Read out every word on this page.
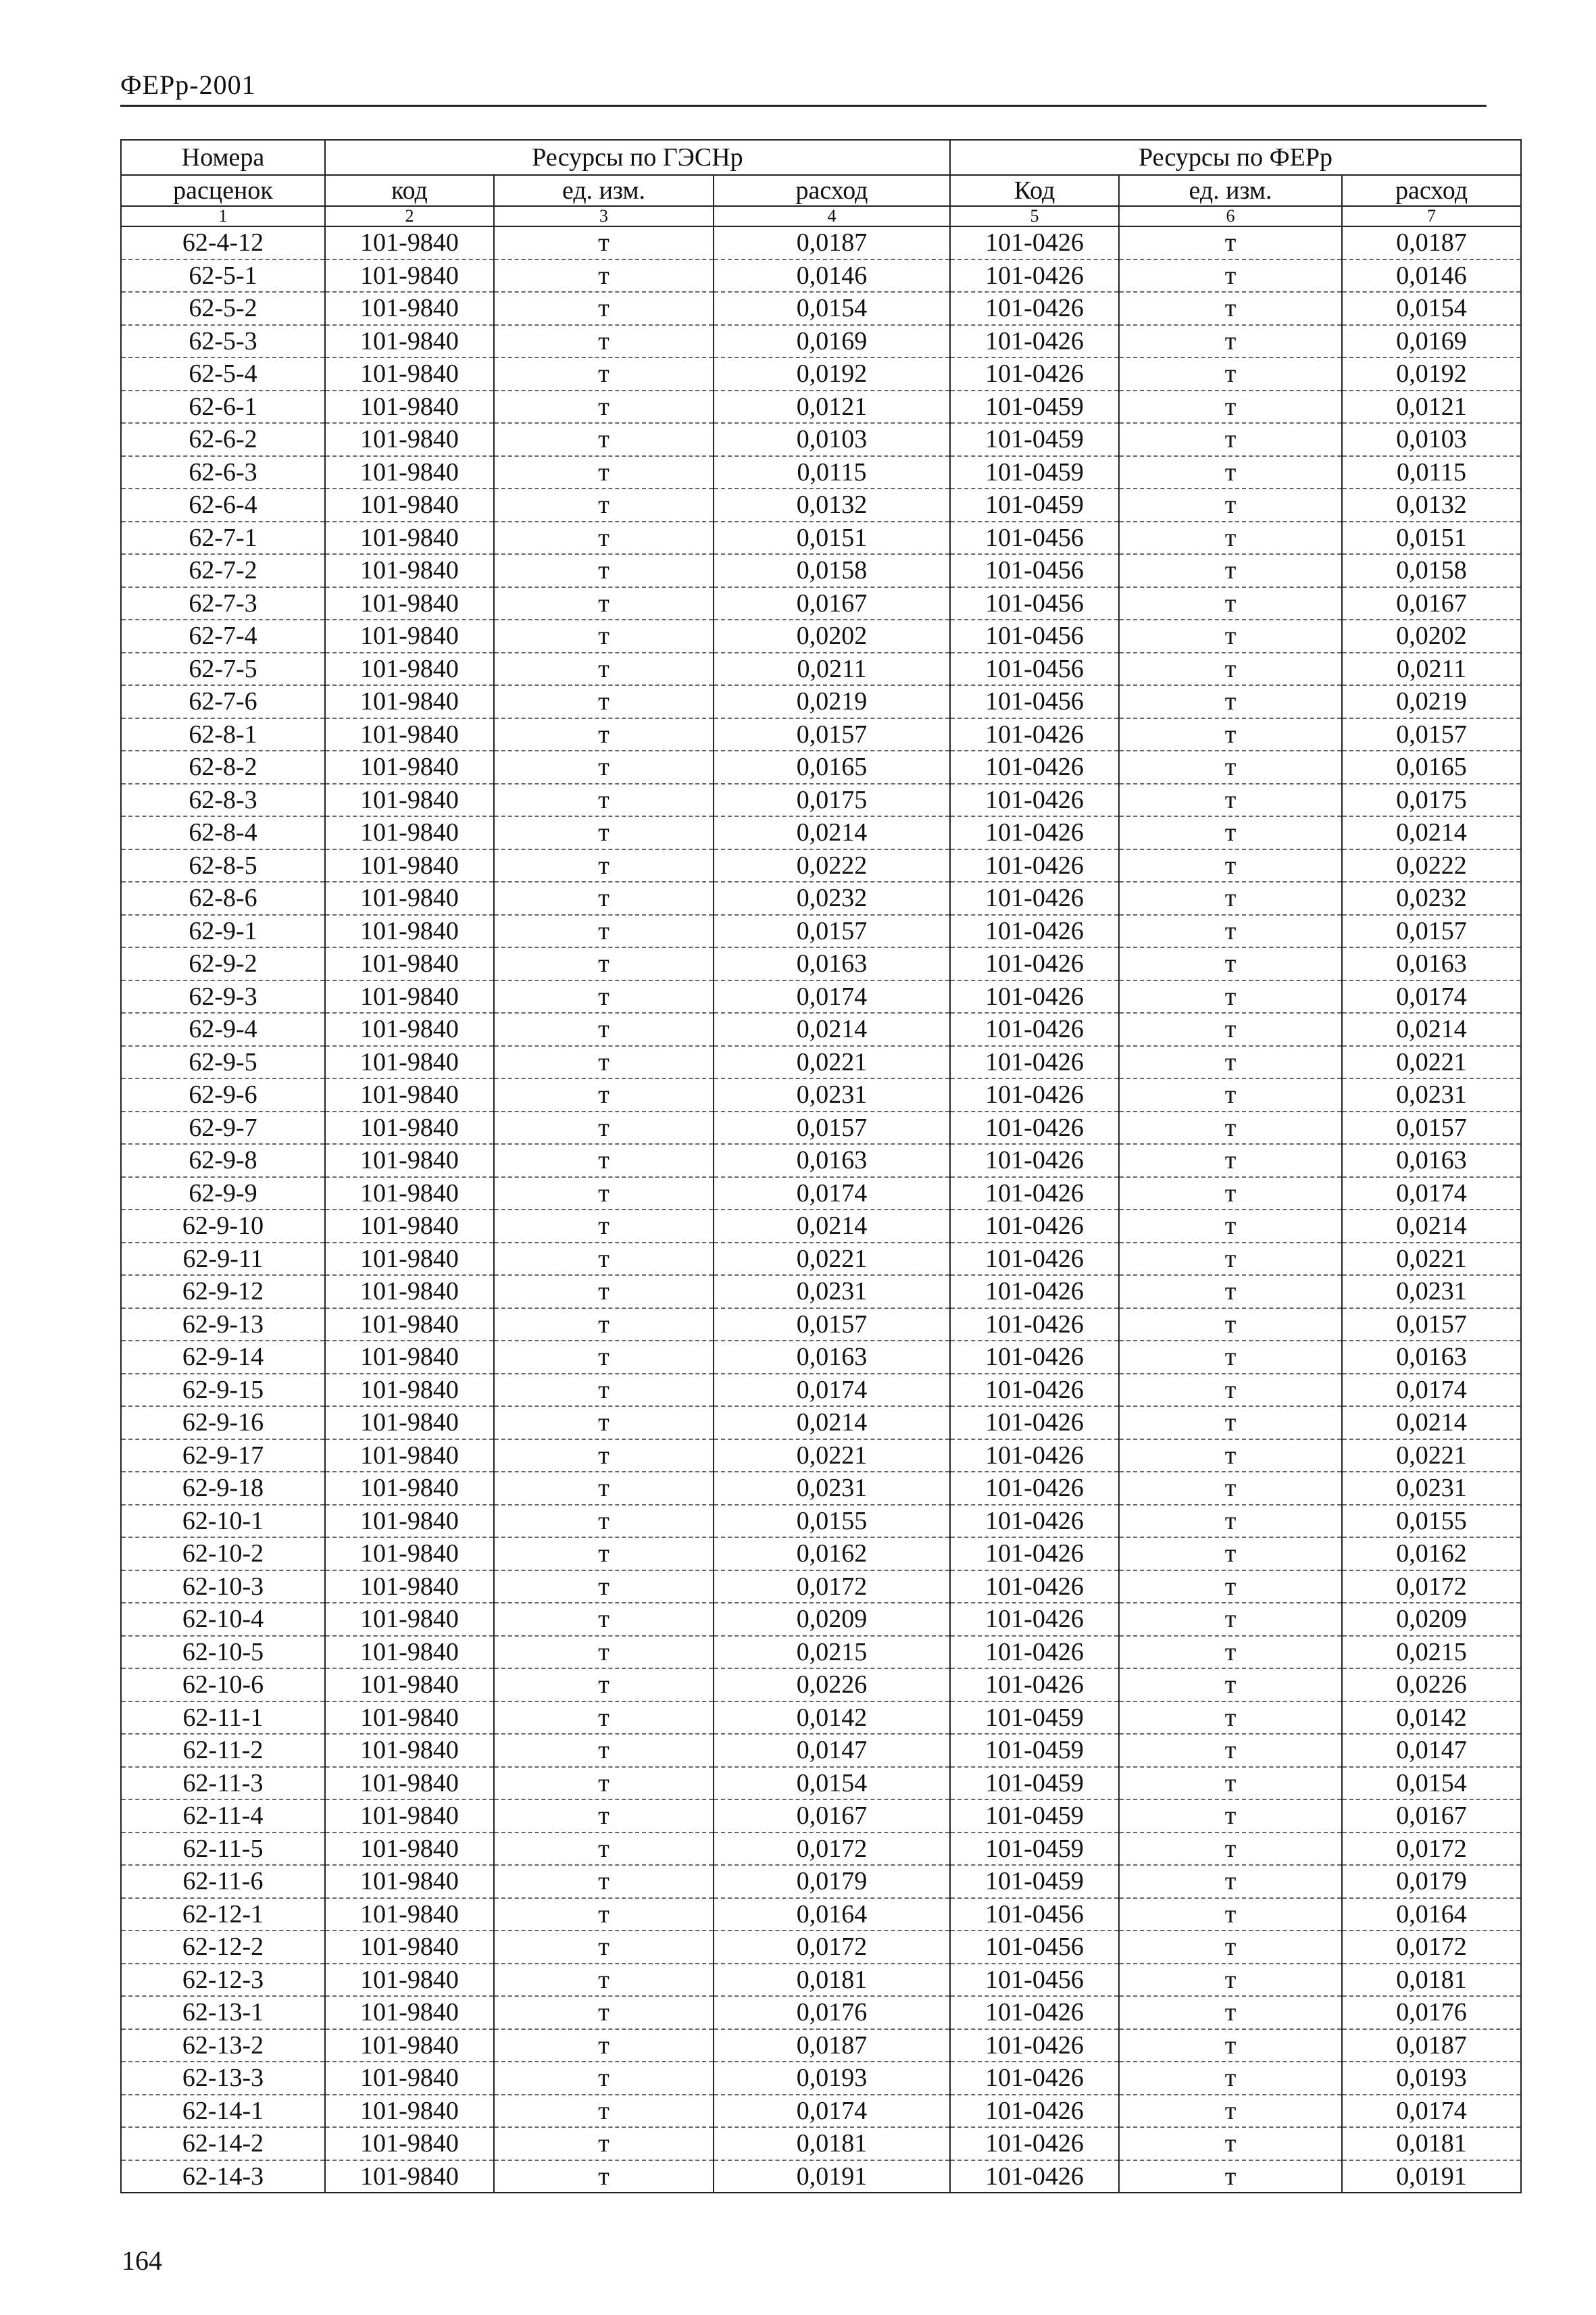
ФЕРр-2001
Номера	Ресурсы по ГЭСНр			Ресурсы по ФЕРр		
расценок	код	ед. изм.	расход	Код	ед. изм.	расход
1	2	3	4	5	6	7
62-4-12	101-9840	т	0,0187	101-0426	т	0,0187
62-5-1	101-9840	т	0,0146	101-0426	т	0,0146
62-5-2	101-9840	т	0,0154	101-0426	т	0,0154
62-5-3	101-9840	т	0,0169	101-0426	т	0,0169
62-5-4	101-9840	т	0,0192	101-0426	т	0,0192
62-6-1	101-9840	т	0,0121	101-0459	т	0,0121
62-6-2	101-9840	т	0,0103	101-0459	т	0,0103
62-6-3	101-9840	т	0,0115	101-0459	т	0,0115
62-6-4	101-9840	т	0,0132	101-0459	т	0,0132
62-7-1	101-9840	т	0,0151	101-0456	т	0,0151
62-7-2	101-9840	т	0,0158	101-0456	т	0,0158
62-7-3	101-9840	т	0,0167	101-0456	т	0,0167
62-7-4	101-9840	т	0,0202	101-0456	т	0,0202
62-7-5	101-9840	т	0,0211	101-0456	т	0,0211
62-7-6	101-9840	т	0,0219	101-0456	т	0,0219
62-8-1	101-9840	т	0,0157	101-0426	т	0,0157
62-8-2	101-9840	т	0,0165	101-0426	т	0,0165
62-8-3	101-9840	т	0,0175	101-0426	т	0,0175
62-8-4	101-9840	т	0,0214	101-0426	т	0,0214
62-8-5	101-9840	т	0,0222	101-0426	т	0,0222
62-8-6	101-9840	т	0,0232	101-0426	т	0,0232
62-9-1	101-9840	т	0,0157	101-0426	т	0,0157
62-9-2	101-9840	т	0,0163	101-0426	т	0,0163
62-9-3	101-9840	т	0,0174	101-0426	т	0,0174
62-9-4	101-9840	т	0,0214	101-0426	т	0,0214
62-9-5	101-9840	т	0,0221	101-0426	т	0,0221
62-9-6	101-9840	т	0,0231	101-0426	т	0,0231
62-9-7	101-9840	т	0,0157	101-0426	т	0,0157
62-9-8	101-9840	т	0,0163	101-0426	т	0,0163
62-9-9	101-9840	т	0,0174	101-0426	т	0,0174
62-9-10	101-9840	т	0,0214	101-0426	т	0,0214
62-9-11	101-9840	т	0,0221	101-0426	т	0,0221
62-9-12	101-9840	т	0,0231	101-0426	т	0,0231
62-9-13	101-9840	т	0,0157	101-0426	т	0,0157
62-9-14	101-9840	т	0,0163	101-0426	т	0,0163
62-9-15	101-9840	т	0,0174	101-0426	т	0,0174
62-9-16	101-9840	т	0,0214	101-0426	т	0,0214
62-9-17	101-9840	т	0,0221	101-0426	т	0,0221
62-9-18	101-9840	т	0,0231	101-0426	т	0,0231
62-10-1	101-9840	т	0,0155	101-0426	т	0,0155
62-10-2	101-9840	т	0,0162	101-0426	т	0,0162
62-10-3	101-9840	т	0,0172	101-0426	т	0,0172
62-10-4	101-9840	т	0,0209	101-0426	т	0,0209
62-10-5	101-9840	т	0,0215	101-0426	т	0,0215
62-10-6	101-9840	т	0,0226	101-0426	т	0,0226
62-11-1	101-9840	т	0,0142	101-0459	т	0,0142
62-11-2	101-9840	т	0,0147	101-0459	т	0,0147
62-11-3	101-9840	т	0,0154	101-0459	т	0,0154
62-11-4	101-9840	т	0,0167	101-0459	т	0,0167
62-11-5	101-9840	т	0,0172	101-0459	т	0,0172
62-11-6	101-9840	т	0,0179	101-0459	т	0,0179
62-12-1	101-9840	т	0,0164	101-0456	т	0,0164
62-12-2	101-9840	т	0,0172	101-0456	т	0,0172
62-12-3	101-9840	т	0,0181	101-0456	т	0,0181
62-13-1	101-9840	т	0,0176	101-0426	т	0,0176
62-13-2	101-9840	т	0,0187	101-0426	т	0,0187
62-13-3	101-9840	т	0,0193	101-0426	т	0,0193
62-14-1	101-9840	т	0,0174	101-0426	т	0,0174
62-14-2	101-9840	т	0,0181	101-0426	т	0,0181
62-14-3	101-9840	т	0,0191	101-0426	т	0,0191
164
